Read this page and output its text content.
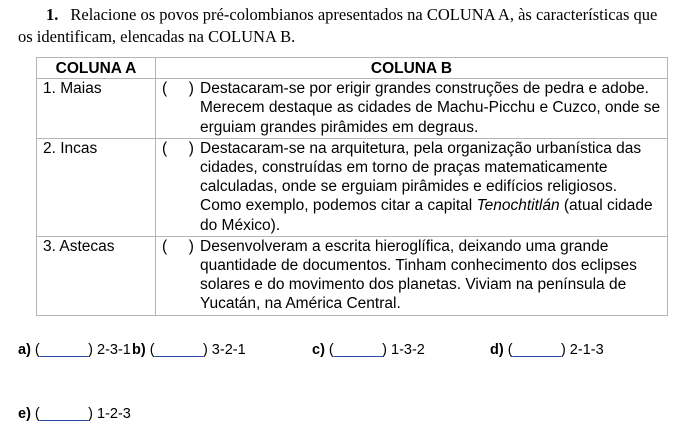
1. Relacione os povos pré-colombianos apresentados na COLUNA A, às características que os identificam, elencadas na COLUNA B.
COLUNA A	COLUNA B
1. Maias	(     ) Destacaram-se por erigir grandes construções de pedra e adobe. Merecem destaque as cidades de Machu-Picchu e Cuzco, onde se erguiam grandes pirâmides em degraus.

2. Incas	(     ) Destacaram-se na arquitetura, pela organização urbanística das cidades, construídas em torno de praças matematicamente calculadas, onde se erguiam pirâmides e edifícios religiosos. Como exemplo, podemos citar a capital Tenochtitlán (atual cidade do México).

3. Astecas	(     ) Desenvolveram a escrita hieroglífica, deixando uma grande quantidade de documentos. Tinham conhecimento dos eclipses solares e do movimento dos planetas. Viviam na península de Yucatán, na América Central.
a) (______) 2-3-1 b) (______) 3-2-1	c) (______) 1-3-2	d) (______) 2-1-3
e) (______) 1-2-3
